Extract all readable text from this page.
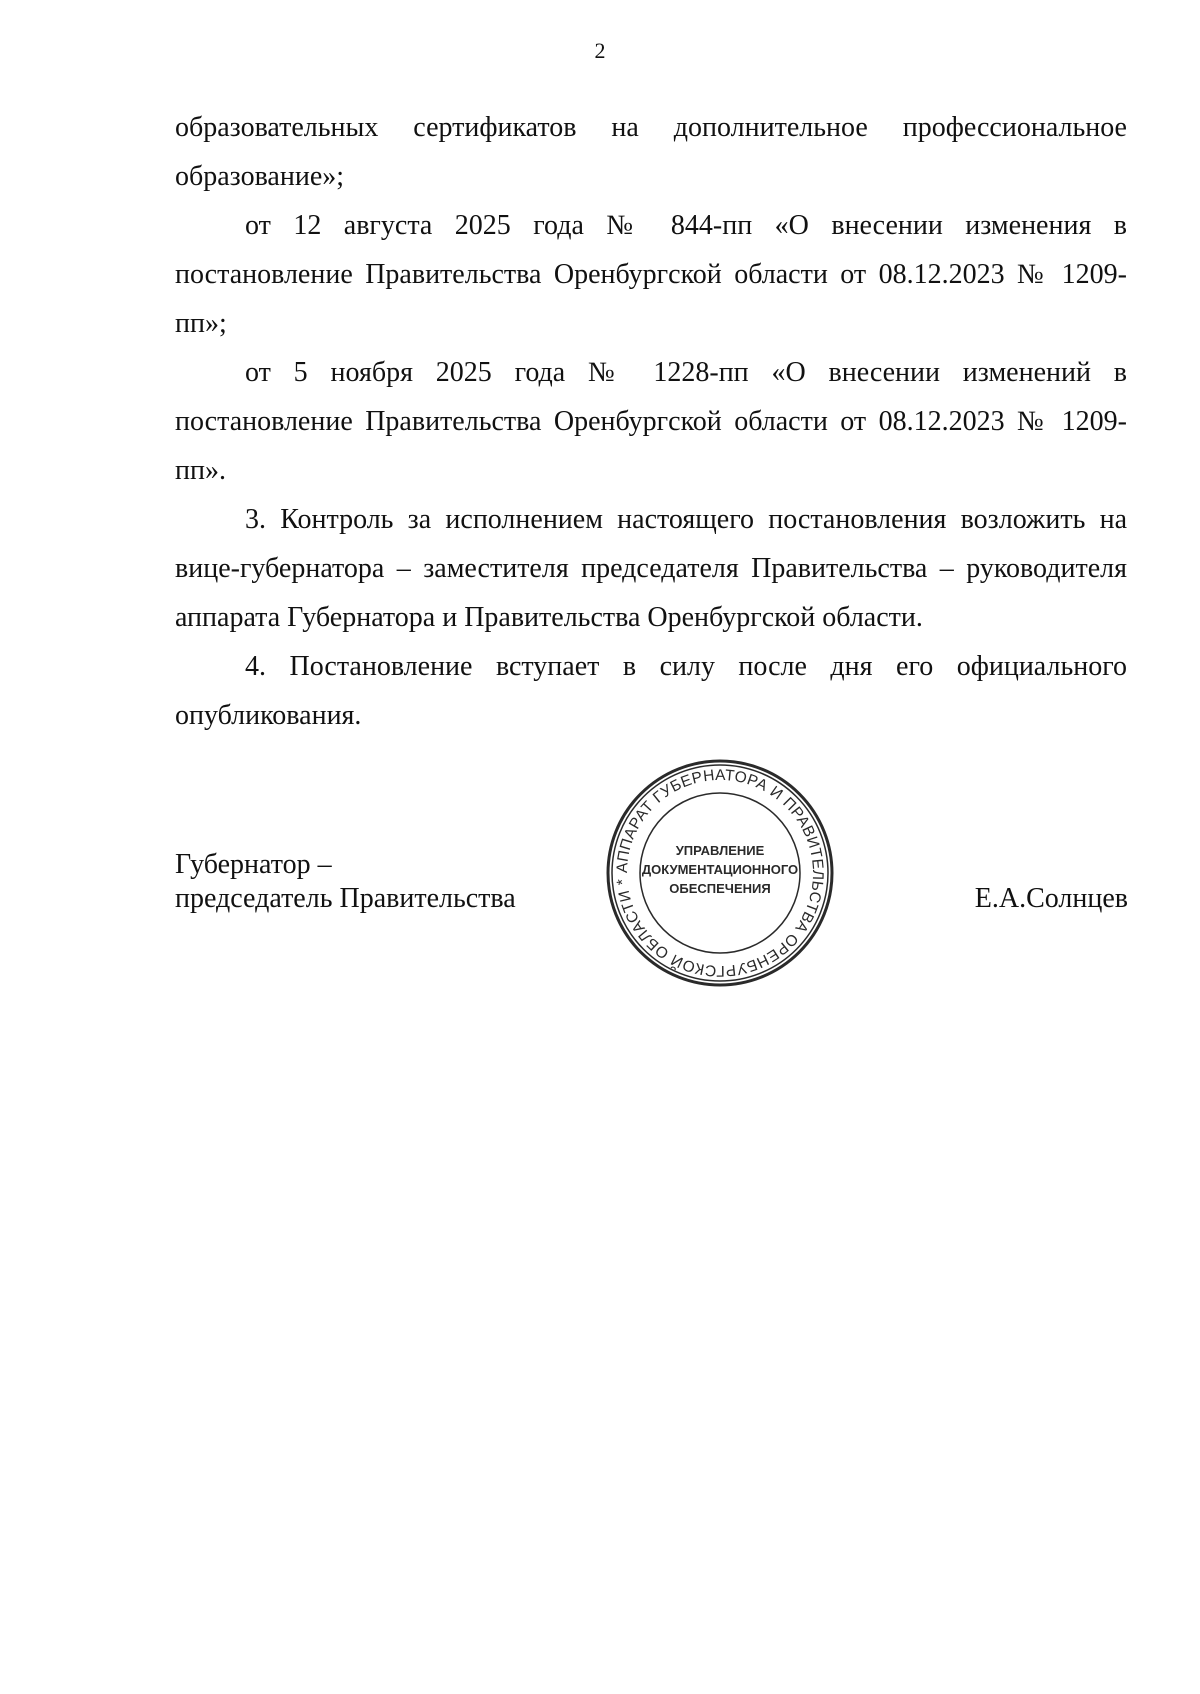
2

образовательных сертификатов на дополнительное профессиональное образование»;

от 12 августа 2025 года № 844-пп «О внесении изменения в постановление Правительства Оренбургской области от 08.12.2023 № 1209-пп»;

от 5 ноября 2025 года № 1228-пп «О внесении изменений в постановление Правительства Оренбургской области от 08.12.2023 № 1209-пп».

3. Контроль за исполнением настоящего постановления возложить на вице-губернатора – заместителя председателя Правительства – руководителя аппарата Губернатора и Правительства Оренбургской области.

4. Постановление вступает в силу после дня его официального опубликования.

Губернатор –
председатель Правительства	Е.А.Солнцев
АППАРАТ ГУБЕРНАТОРА И ПРАВИТЕЛЬСТВА ОРЕНБУРГСКОЙ ОБЛАСТИ *
УПРАВЛЕНИЕ
ДОКУМЕНТАЦИОННОГО
ОБЕСПЕЧЕНИЯ
